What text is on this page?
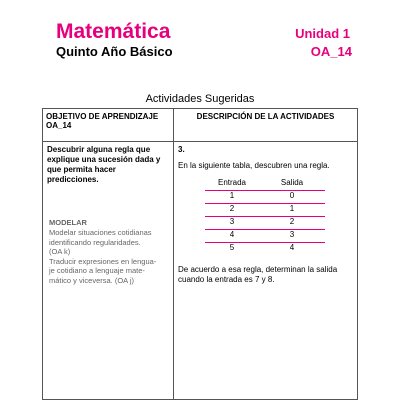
Matemática
Quinto Año Básico
Unidad 1
OA_14
Actividades Sugeridas
OBJETIVO DE APRENDIZAJE OA_14	DESCRIPCIÓN DE LA ACTIVIDADES

Descubrir alguna regla que explique una sucesión dada y que permita hacer predicciones.
MODELAR
Modelar situaciones cotidianas
identificando regularidades.
(OA k)
Traducir expresiones en lengua-
je cotidiano a lenguaje mate-
mático y viceversa. (OA j)

3.
En la siguiente tabla, descubren una regla.
Entrada	Salida
1	0
2	1
3	2
4	3
5	4
De acuerdo a esa regla, determinan la salida cuando la entrada es 7 y 8.
